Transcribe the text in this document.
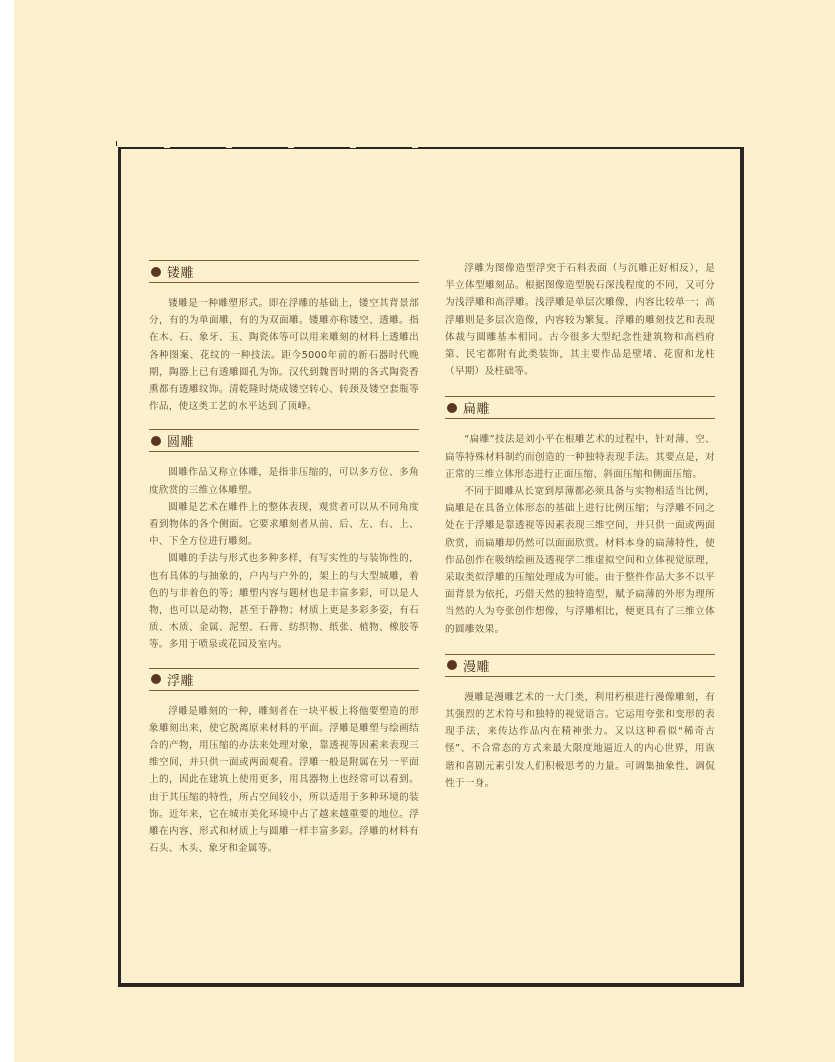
镂雕

镂雕是一种雕塑形式。即在浮雕的基础上，镂空其背景部分，有的为单面雕，有的为双面雕。镂雕亦称镂空、透雕。指在木、石、象牙、玉、陶瓷体等可以用来雕刻的材料上透雕出各种图案、花纹的一种技法。距今5000年前的新石器时代晚期，陶器上已有透雕圆孔为饰。汉代到魏晋时期的各式陶瓷香熏都有透雕纹饰。清乾隆时烧成镂空转心、转颈及镂空套瓶等作品，使这类工艺的水平达到了顶峰。

圆雕

圆雕作品又称立体雕，是指非压缩的，可以多方位、多角度欣赏的三维立体雕塑。

圆雕是艺术在雕件上的整体表现，观赏者可以从不同角度看到物体的各个侧面。它要求雕刻者从前、后、左、右、上、中、下全方位进行雕刻。

圆雕的手法与形式也多种多样，有写实性的与装饰性的，也有具体的与抽象的，户内与户外的，架上的与大型城雕，着色的与非着色的等；雕塑内容与题材也是丰富多彩，可以是人物，也可以是动物，甚至于静物；材质上更是多彩多姿，有石质、木质、金属、泥塑、石膏、纺织物、纸张、植物、橡胶等等。多用于喷泉或花园及室内。

浮雕

浮雕是雕刻的一种，雕刻者在一块平板上将他要塑造的形象雕刻出来，使它脱离原来材料的平面。浮雕是雕塑与绘画结合的产物，用压缩的办法来处理对象，靠透视等因素来表现三维空间，并只供一面或两面观看。浮雕一般是附属在另一平面上的，因此在建筑上使用更多，用具器物上也经常可以看到。由于其压缩的特性，所占空间较小，所以适用于多种环境的装饰。近年来，它在城市美化环境中占了越来越重要的地位。浮雕在内容、形式和材质上与圆雕一样丰富多彩。浮雕的材料有石头、木头、象牙和金属等。

浮雕为图像造型浮突于石料表面（与沉雕正好相反），是半立体型雕刻品。根据图像造型脱石深浅程度的不同，又可分为浅浮雕和高浮雕。浅浮雕是单层次雕像，内容比较单一；高浮雕则是多层次造像，内容较为繁复。浮雕的雕刻技艺和表现体裁与圆雕基本相同。古今很多大型纪念性建筑物和高档府第、民宅都附有此类装饰，其主要作品是壁堵、花窗和龙柱（早期）及柱础等。

扁雕

“扁雕”技法是刘小平在根雕艺术的过程中，针对薄、空、扁等特殊材料制约而创造的一种独特表现手法。其要点是，对正常的三维立体形态进行正面压缩、斜面压缩和侧面压缩。

不同于圆雕从长宽到厚薄都必须具备与实物相适当比例，扁雕是在具备立体形态的基础上进行比例压缩；与浮雕不同之处在于浮雕是靠透视等因素表现三维空间，并只供一面或两面欣赏，而扁雕却仍然可以面面欣赏。材料本身的扁薄特性，使作品创作在吸纳绘画及透视学二维虚拟空间和立体视觉原理，采取类似浮雕的压缩处理成为可能。由于整件作品大多不以平面背景为依托，巧借天然的独特造型，赋予扁薄的外形为理所当然的人为夸张创作想像，与浮雕相比，便更具有了三维立体的圆雕效果。

漫雕

漫雕是漫雕艺术的一大门类，利用朽根进行漫像雕刻，有其强烈的艺术符号和独特的视觉语言。它运用夸张和变形的表现手法，来传达作品内在精神张力。又以这种看似“稀奇古怪”、不合常态的方式来最大限度地逼近人的内心世界，用诙谐和喜剧元素引发人们积极思考的力量。可调集抽象性、调侃性于一身。
